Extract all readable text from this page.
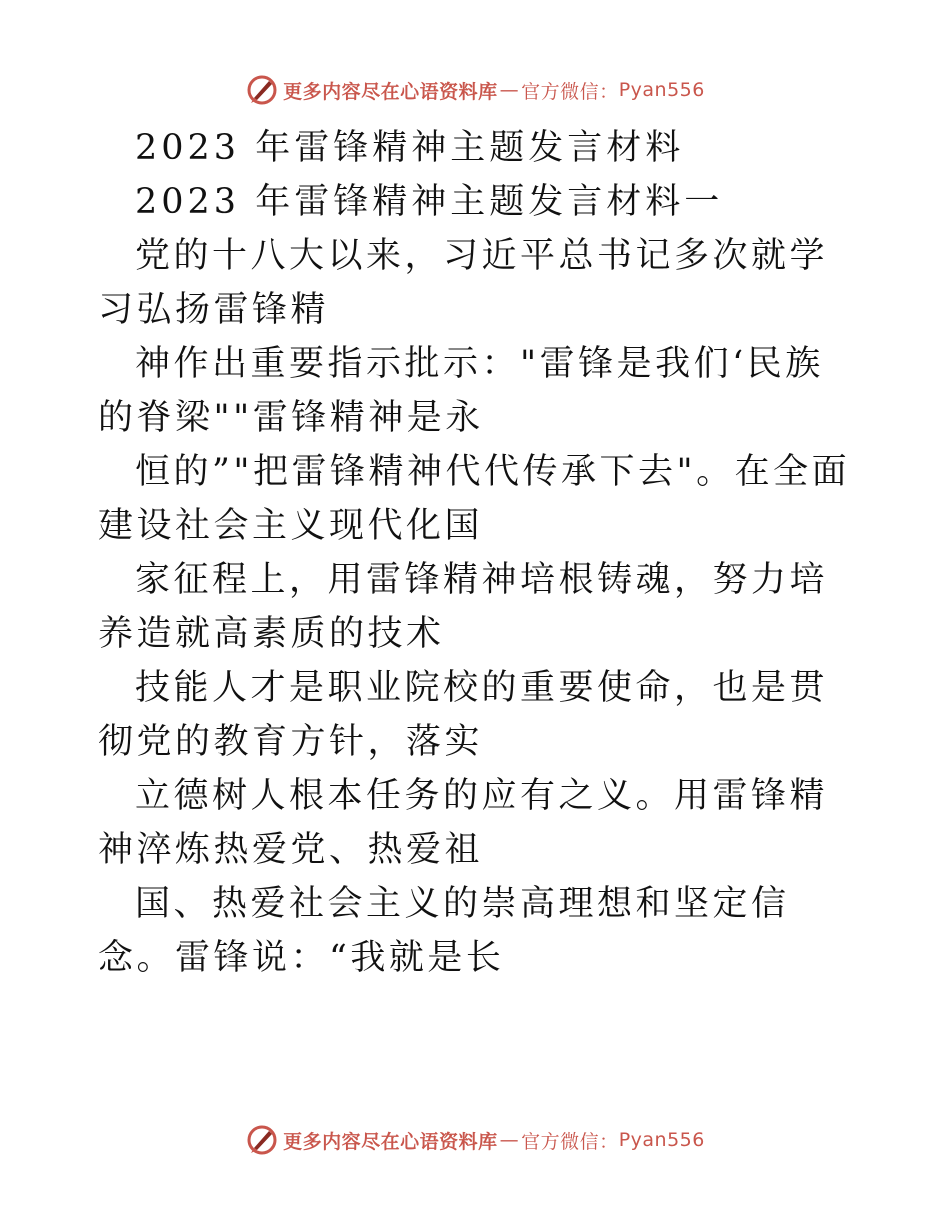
更多内容尽在心语资料库 — 官方微信： Pyan556

2023 年雷锋精神主题发言材料

2023 年雷锋精神主题发言材料一

党的十八大以来，习近平总书记多次就学习弘扬雷锋精

神作出重要指示批示："雷锋是我们‘民族的脊梁""雷锋精神是永

恒的”"把雷锋精神代代传承下去"。在全面建设社会主义现代化国

家征程上，用雷锋精神培根铸魂，努力培养造就高素质的技术

技能人才是职业院校的重要使命，也是贯彻党的教育方针，落实

立德树人根本任务的应有之义。用雷锋精神淬炼热爱党、热爱祖

国、热爱社会主义的崇高理想和坚定信念。雷锋说：“我就是长

更多内容尽在心语资料库 — 官方微信： Pyan556
